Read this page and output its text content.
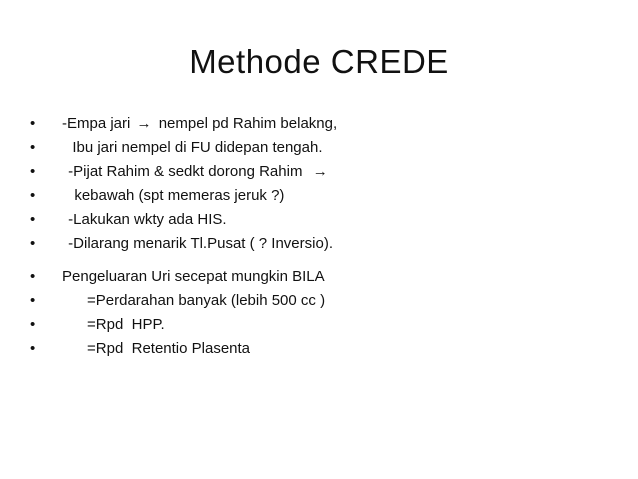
Methode CREDE
•	-Empa jari → nempel pd Rahim belakng,
•	Ibu jari nempel di FU didepan tengah.
•	-Pijat Rahim & sedkt dorong Rahim  →
•	kebawah (spt memeras jeruk ?)
•	-Lakukan wkty ada HIS.
•	-Dilarang menarik Tl.Pusat ( ? Inversio).
•	Pengeluaran Uri secepat mungkin BILA
•	=Perdarahan banyak (lebih 500 cc )
•	=Rpd  HPP.
•	=Rpd  Retentio Plasenta
